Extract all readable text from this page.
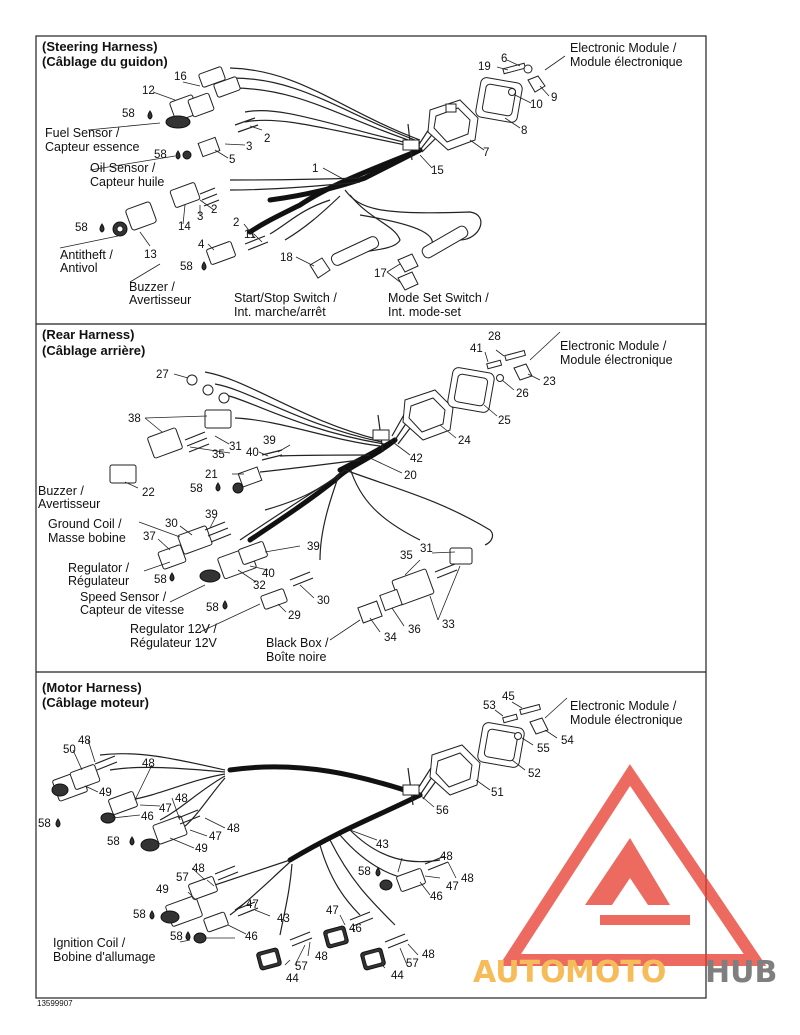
(Steering Harness)
(Câblage du guidon)
(Rear Harness)
(Câblage arrière)
(Motor Harness)
(Câblage moteur)
16
12
58
2
3
58	5
1	15
7
8
9
10
19
6
2
3
14
13
58	2
11
4
58
18
17
Electronic Module /
Module électronique
Fuel Sensor /
Capteur essence
Oil Sensor /
Capteur huile
Antitheft /
Antivol
Buzzer /
Avertisseur	Start/Stop Switch /
Int. marche/arrêt
Mode Set Switch /
Int. mode-set
27
38
31
35
39
40
21
58
22
42
20
24
25
23
26
28
41
39
30
37
39
40
32
58
30
58
29
35
31
36 33
34
Electronic Module /
Module électronique
Buzzer /
Avertisseur
Ground Coil /
Masse bobine
Regulator /
Régulateur
Speed Sensor /
Capteur de vitesse
Regulator 12V /
Régulateur 12V	Black Box /
Boîte noire
48
50
49
48
48
47
46
58	48
47
49
58	43
56
51
52
54
55
45
53
48
57
49
47
43
46
58
58
44
57
48
47
46
44
57
48
58
48
47
48
46
Electronic Module /
Module électronique
Ignition Coil /
Bobine d'allumage
13599907
AUTO MOTO HUB
